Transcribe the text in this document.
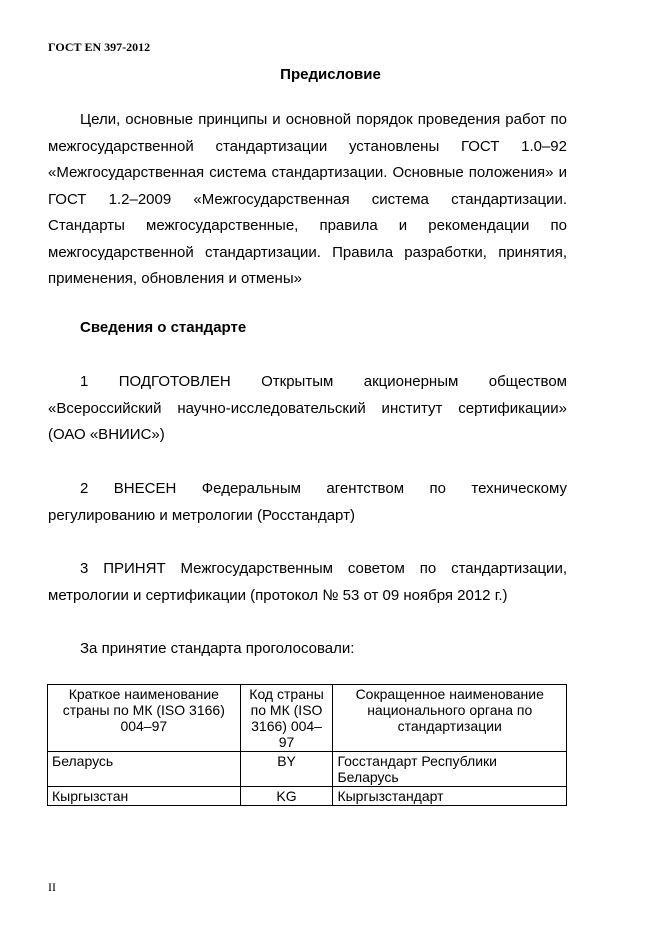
ГОСТ EN 397-2012
Предисловие
Цели, основные принципы и основной порядок проведения работ по межгосударственной стандартизации установлены ГОСТ 1.0–92 «Межгосударственная система стандартизации. Основные положения» и ГОСТ 1.2–2009 «Межгосударственная система стандартизации. Стандарты межгосударственные, правила и рекомендации по межгосударственной стандартизации. Правила разработки, принятия, применения, обновления и отмены»
Сведения о стандарте
1 ПОДГОТОВЛЕН Открытым акционерным обществом «Всероссийский научно-исследовательский институт сертификации» (ОАО «ВНИИС»)
2 ВНЕСЕН Федеральным агентством по техническому регулированию и метрологии (Росстандарт)
3 ПРИНЯТ Межгосударственным советом по стандартизации, метрологии и сертификации (протокол № 53 от 09 ноября 2012 г.)
За принятие стандарта проголосовали:
Краткое наименование страны по МК (ISO 3166) 004–97	Код страны по МК (ISO 3166) 004–97	Сокращенное наименование национального органа по стандартизации
Беларусь	BY	Госстандарт Республики Беларусь
Кыргызстан	KG	Кыргызстандарт
II
